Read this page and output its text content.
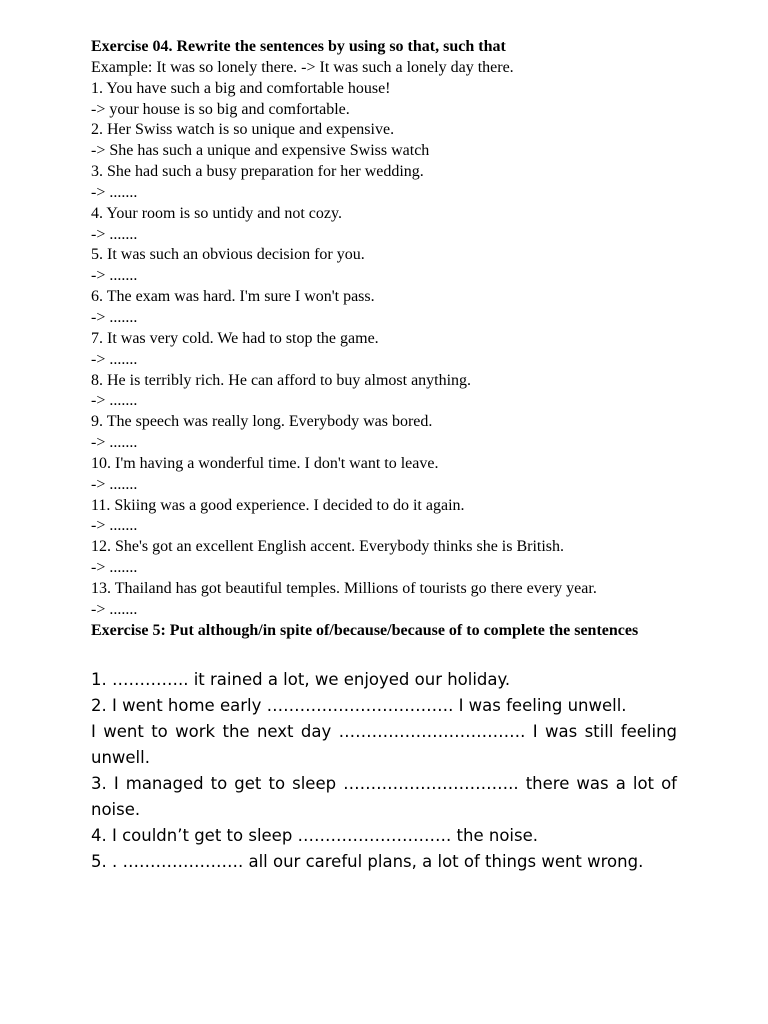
Exercise 04. Rewrite the sentences by using so that, such that
Example: It was so lonely there. -> It was such a lonely day there.
1. You have such a big and comfortable house!
-> your house is so big and comfortable.
2. Her Swiss watch is so unique and expensive.
-> She has such a unique and expensive Swiss watch
3. She had such a busy preparation for her wedding.
-> .......
4. Your room is so untidy and not cozy.
-> .......
5. It was such an obvious decision for you.
-> .......
6. The exam was hard. I'm sure I won't pass.
-> .......
7. It was very cold. We had to stop the game.
-> .......
8. He is terribly rich. He can afford to buy almost anything.
-> .......
9. The speech was really long. Everybody was bored.
-> .......
10. I'm having a wonderful time. I don't want to leave.
-> .......
11. Skiing was a good experience. I decided to do it again.
-> .......
12. She's got an excellent English accent. Everybody thinks she is British.
-> .......
13. Thailand has got beautiful temples. Millions of tourists go there every year.
-> .......
Exercise 5: Put although/in spite of/because/because of to complete the sentences

1. ………….. it rained a lot, we enjoyed our holiday.

2. I went home early ……………………………. I was feeling unwell.

I went to work the next day ……………………………. I was still feeling unwell.

3. I managed to get to sleep ………………………….. there was a lot of noise.

4. I couldn’t get to sleep ………………………. the noise.

5. . …………………. all our careful plans, a lot of things went wrong.
